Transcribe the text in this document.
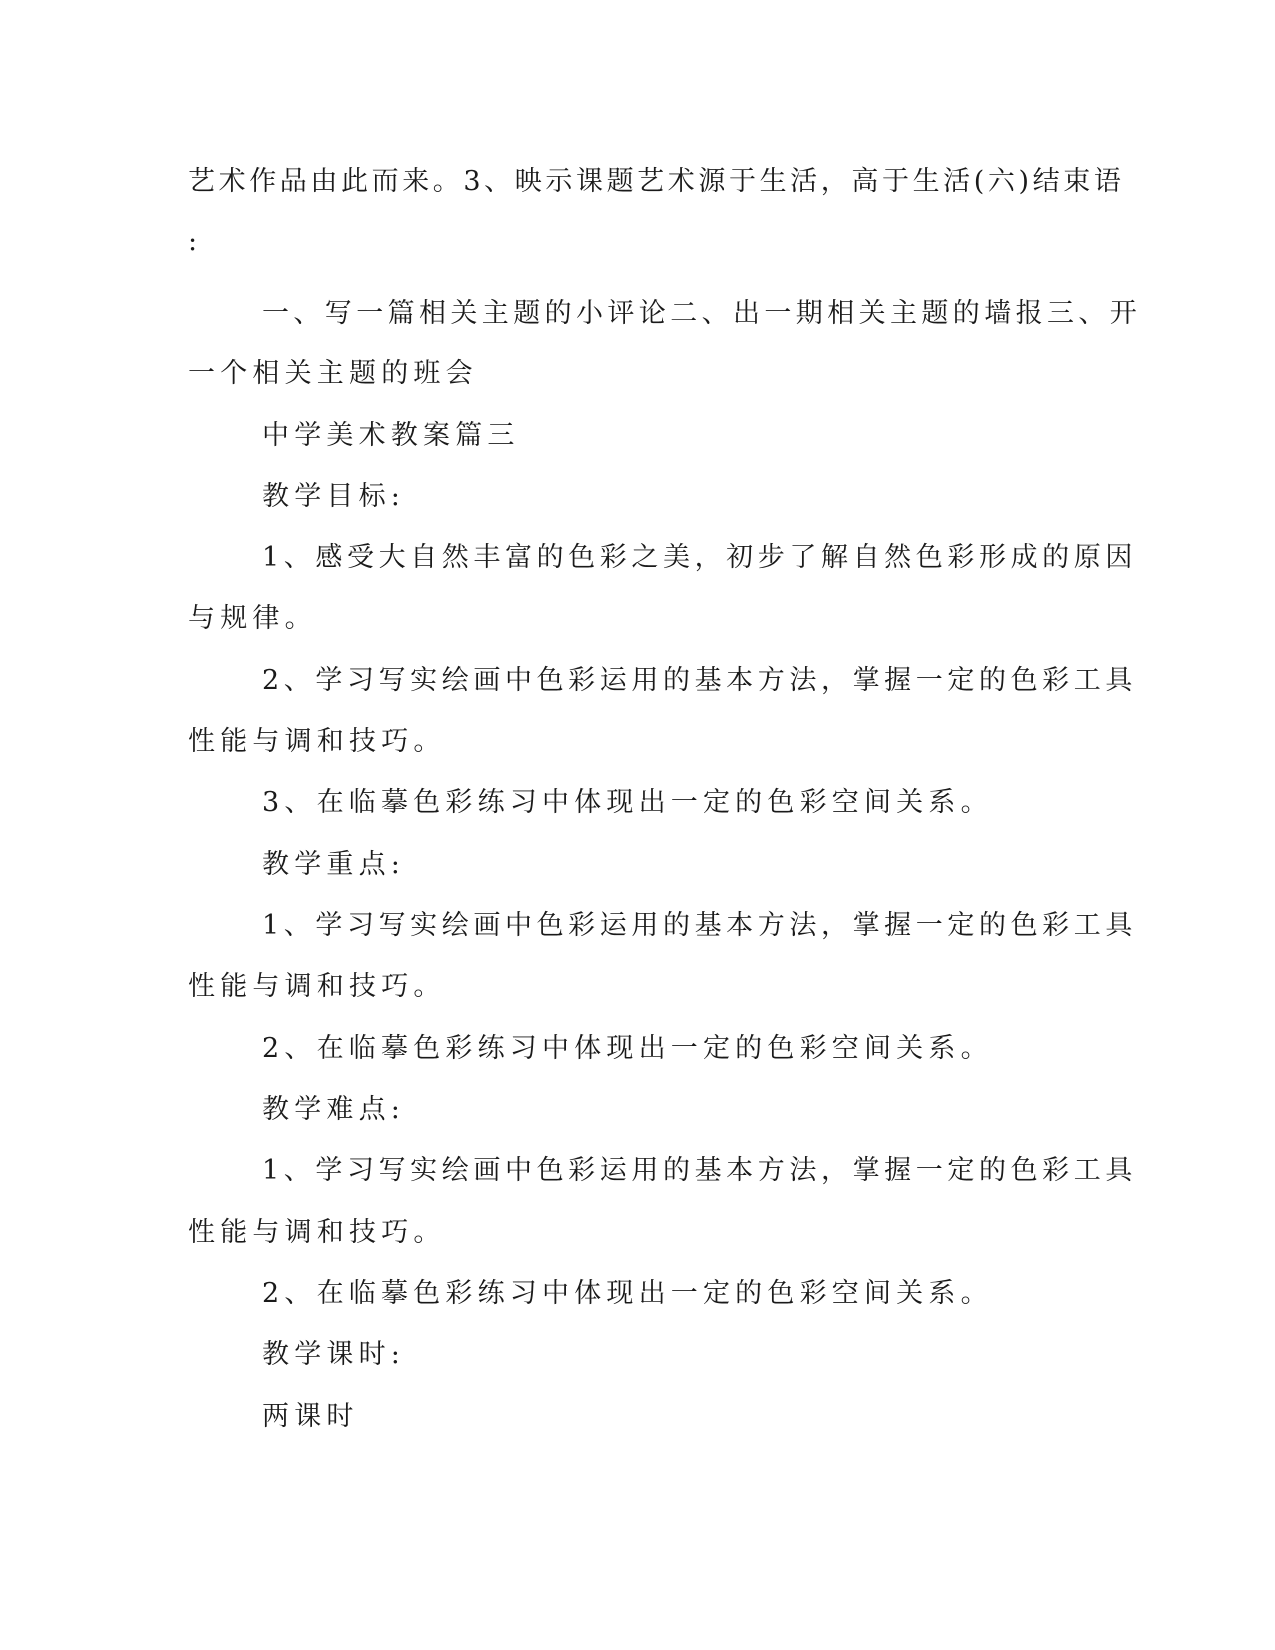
艺术作品由此而来。3、映示课题艺术源于生活，高于生活(六)结束语
:
一、写一篇相关主题的小评论二、出一期相关主题的墙报三、开
一个相关主题的班会
中学美术教案篇三
教学目标:
1、感受大自然丰富的色彩之美，初步了解自然色彩形成的原因
与规律。
2、学习写实绘画中色彩运用的基本方法，掌握一定的色彩工具
性能与调和技巧。
3、在临摹色彩练习中体现出一定的色彩空间关系。
教学重点:
1、学习写实绘画中色彩运用的基本方法，掌握一定的色彩工具
性能与调和技巧。
2、在临摹色彩练习中体现出一定的色彩空间关系。
教学难点:
1、学习写实绘画中色彩运用的基本方法，掌握一定的色彩工具
性能与调和技巧。
2、在临摹色彩练习中体现出一定的色彩空间关系。
教学课时:
两课时
